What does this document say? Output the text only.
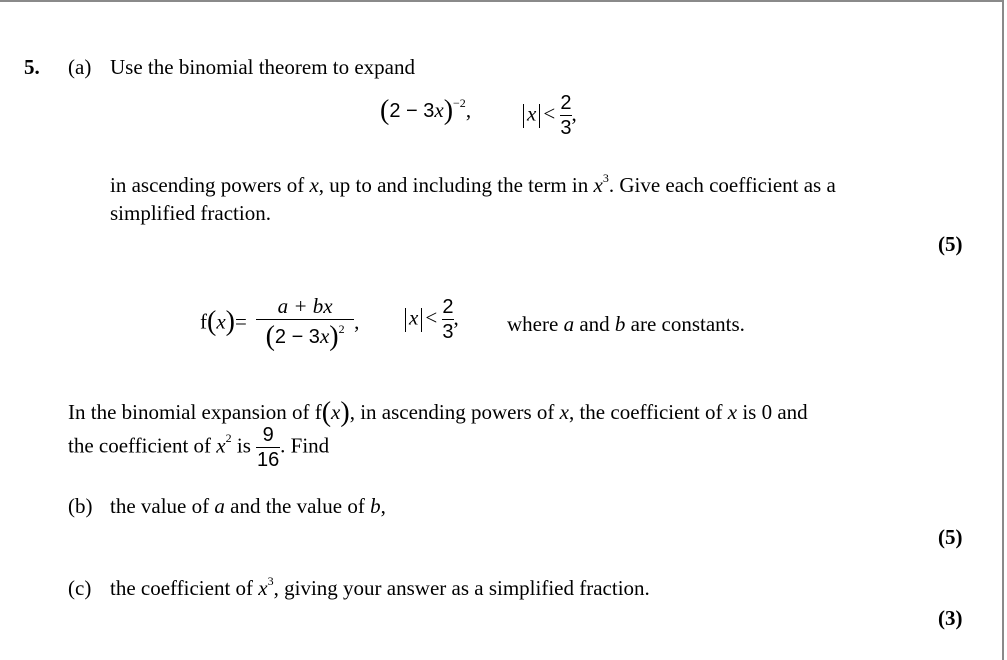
5. (a) Use the binomial theorem to expand
$(2 - 3x)^{-2}$,	$x < \frac{2}{3}$ ,
in ascending powers of x, up to and including the term in $x^3$. Give each coefficient as a
simplified fraction.
(5)
$f(x)= \frac{a + bx}{(2 - 3x)^2}$ ,	$x < \frac{2}{3}$ , where a and b are constants.
In the binomial expansion of f(x), in ascending powers of x, the coefficient of x is 0 and
the coefficient of $x^2$ is $\frac{9}{16}$ . Find
(b) the value of a and the value of b,
(5)
(c) the coefficient of $x^3$, giving your answer as a simplified fraction.
(3)
